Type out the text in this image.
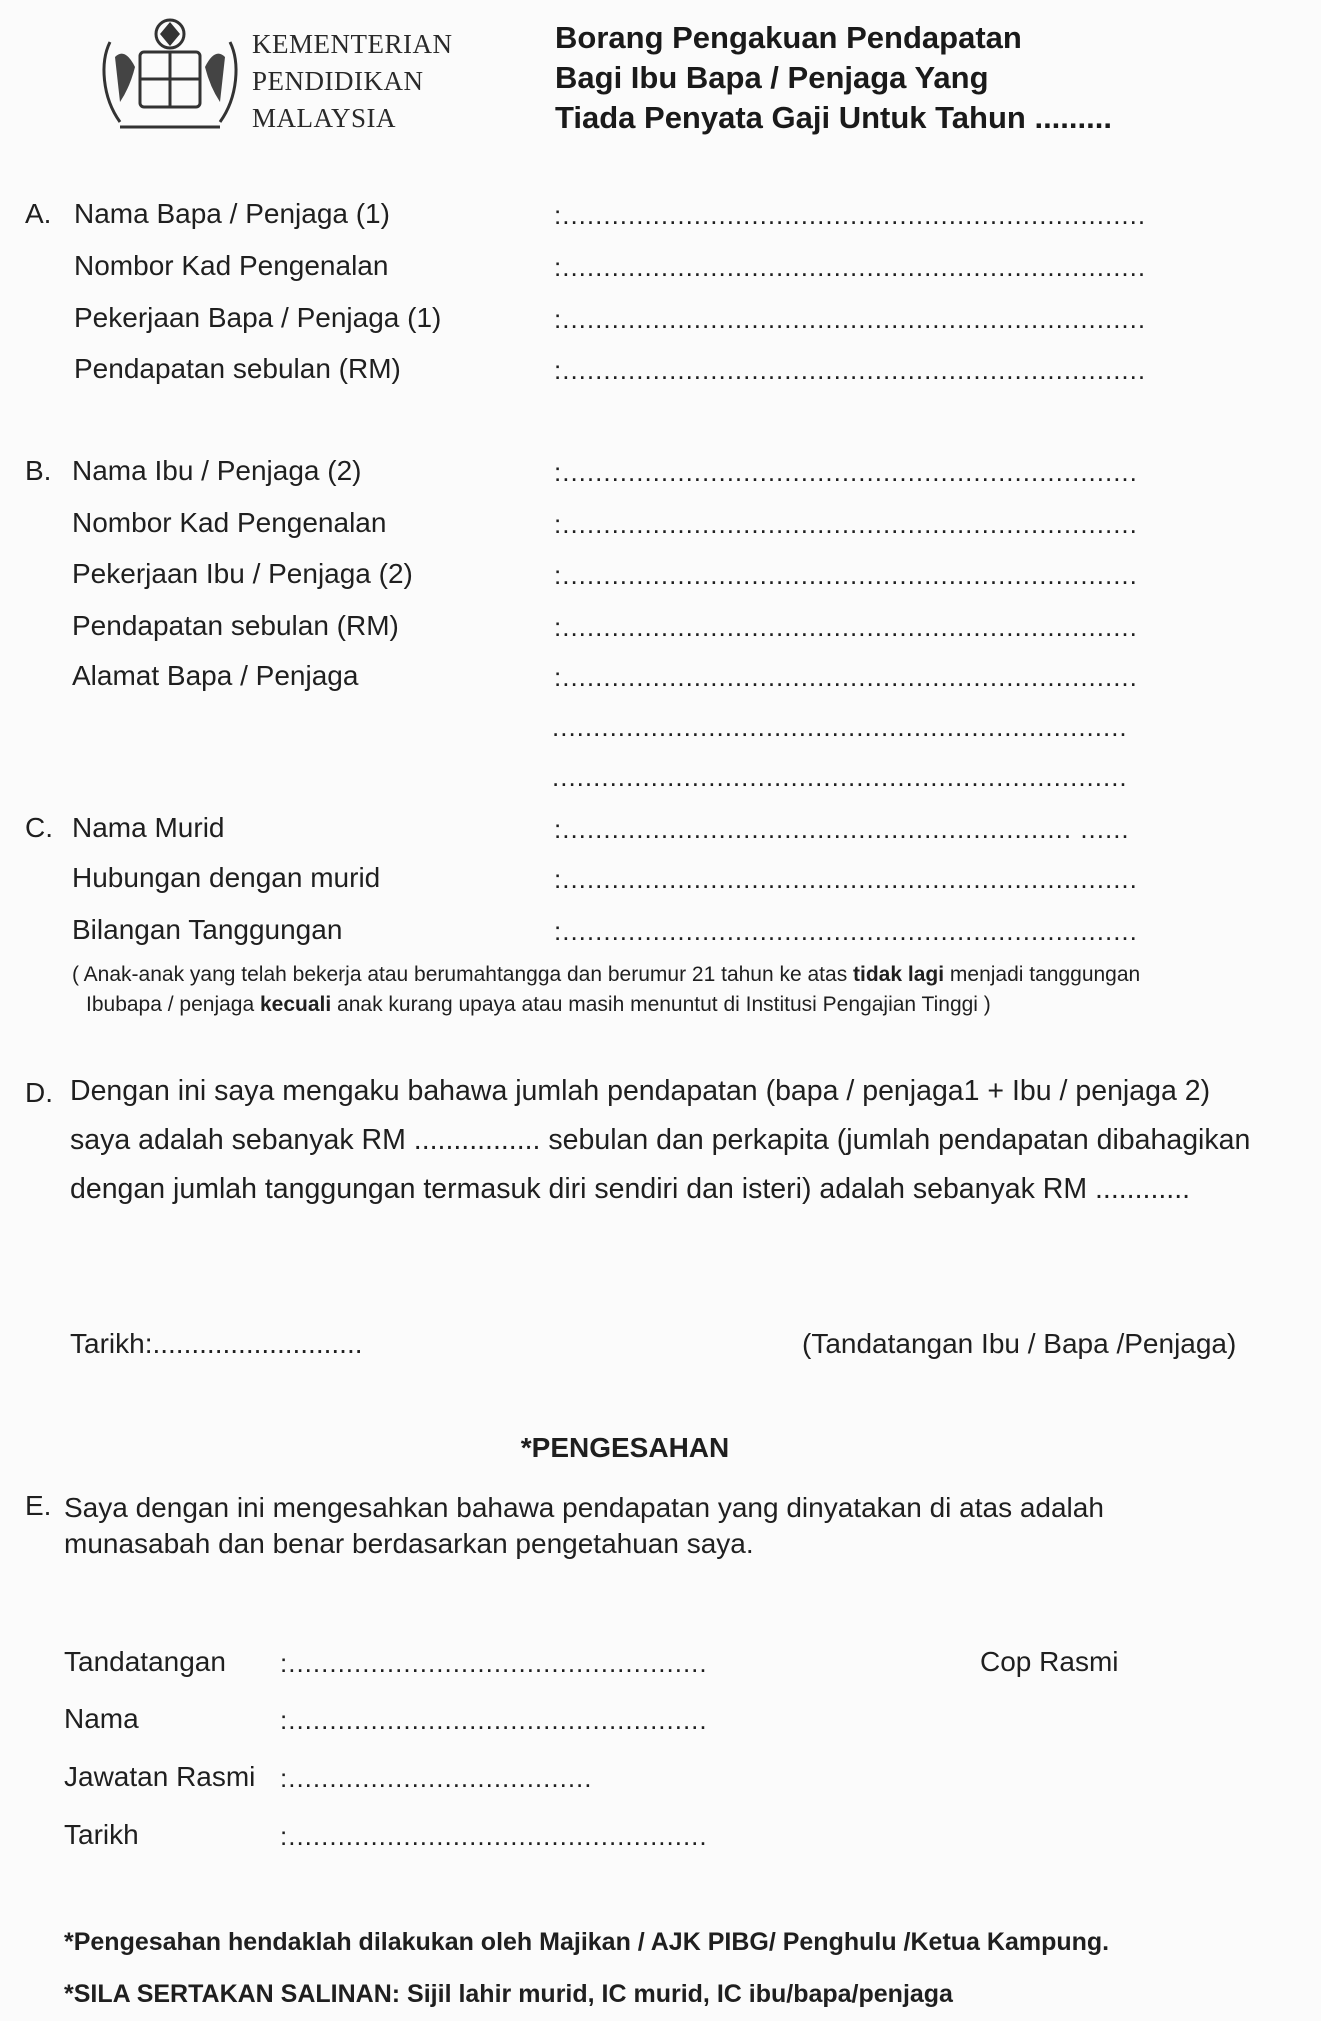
KEMENTERIAN
PENDIDIKAN
MALAYSIA
Borang Pengakuan Pendapatan
Bagi Ibu Bapa / Penjaga Yang
Tiada Penyata Gaji Untuk Tahun .........
A. Nama Bapa / Penjaga (1)	:.......................................................................
Nombor Kad Pengenalan	:.......................................................................
Pekerjaan Bapa / Penjaga (1)	:.......................................................................
Pendapatan sebulan (RM)	:.......................................................................
B. Nama Ibu / Penjaga (2)	:......................................................................
Nombor Kad Pengenalan	:......................................................................
Pekerjaan Ibu / Penjaga (2)	:......................................................................
Pendapatan sebulan (RM)	:......................................................................
Alamat Bapa / Penjaga	:......................................................................
......................................................................
......................................................................
C. Nama Murid	:.............................................................. ......
Hubungan dengan murid	:......................................................................
Bilangan Tanggungan	:......................................................................
( Anak-anak yang telah bekerja atau berumahtangga dan berumur 21 tahun ke atas tidak lagi menjadi tanggungan
Ibubapa / penjaga kecuali anak kurang upaya atau masih menuntut di Institusi Pengajian Tinggi )
D. Dengan ini saya mengaku bahawa jumlah pendapatan (bapa / penjaga1 + Ibu / penjaga 2)
saya adalah sebanyak RM ................ sebulan dan perkapita (jumlah pendapatan dibahagikan
dengan jumlah tanggungan termasuk diri sendiri dan isteri) adalah sebanyak RM ............
Tarikh:...........................	(Tandatangan Ibu / Bapa /Penjaga)
*PENGESAHAN
E. Saya dengan ini mengesahkan bahawa pendapatan yang dinyatakan di atas adalah munasabah dan benar berdasarkan pengetahuan saya.
Tandatangan :...................................................	Cop Rasmi
Nama	:...................................................
Jawatan Rasmi :.....................................
Tarikh	:...................................................
*Pengesahan hendaklah dilakukan oleh Majikan / AJK PIBG/ Penghulu /Ketua Kampung.
*SILA SERTAKAN SALINAN: Sijil lahir murid, IC murid, IC ibu/bapa/penjaga
